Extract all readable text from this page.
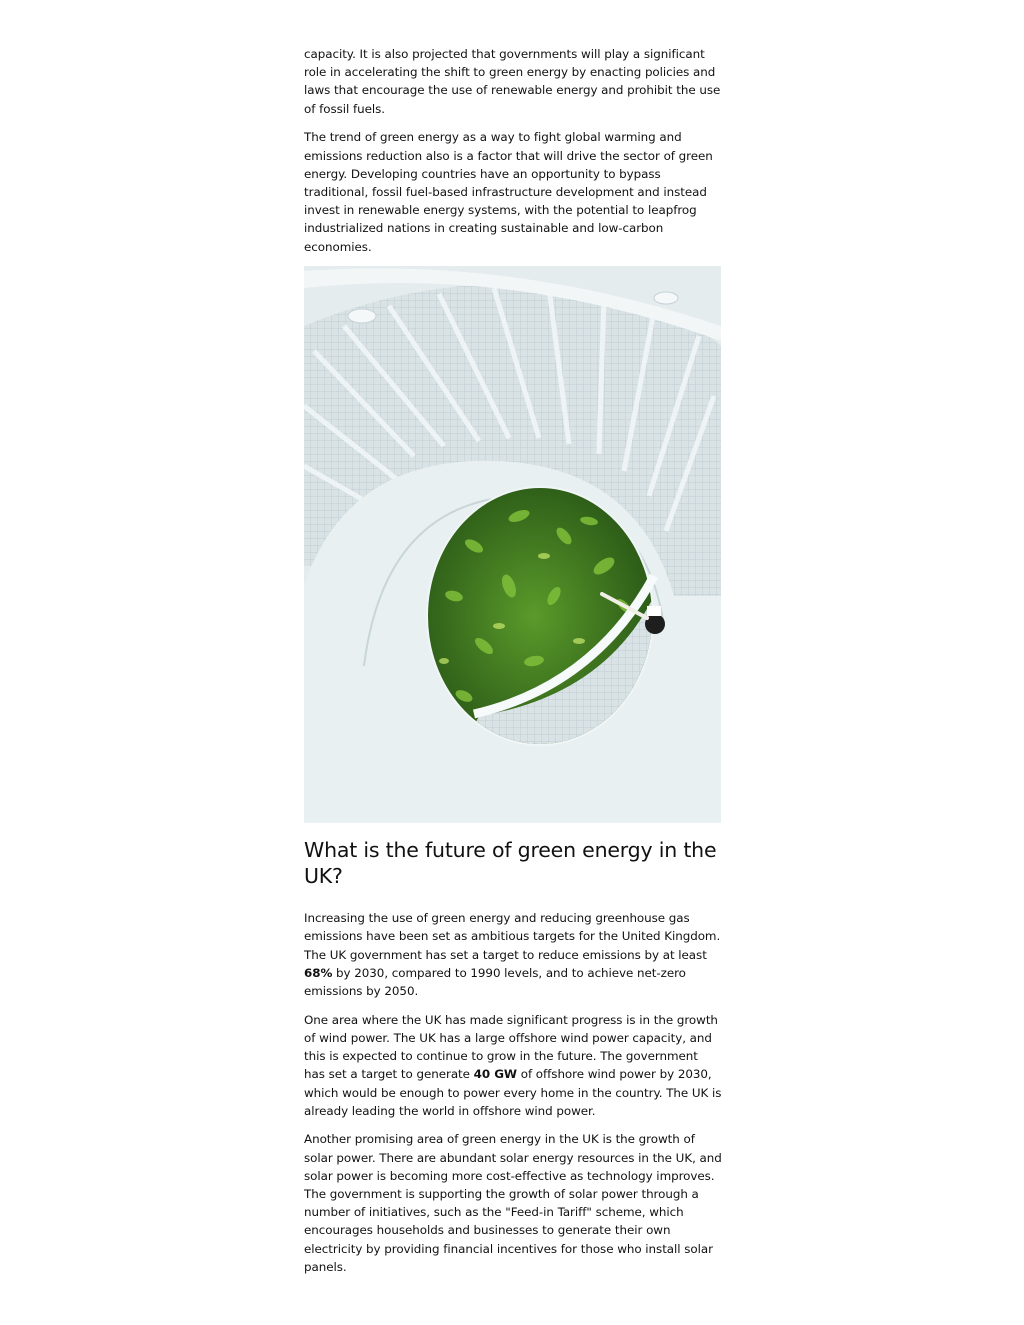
capacity. It is also projected that governments will play a significant role in accelerating the shift to green energy by enacting policies and laws that encourage the use of renewable energy and prohibit the use of fossil fuels.

The trend of green energy as a way to fight global warming and emissions reduction also is a factor that will drive the sector of green energy. Developing countries have an opportunity to bypass traditional, fossil fuel-based infrastructure development and instead invest in renewable energy systems, with the potential to leapfrog industrialized nations in creating sustainable and low-carbon economies.

What is the future of green energy in the UK?

Increasing the use of green energy and reducing greenhouse gas emissions have been set as ambitious targets for the United Kingdom. The UK government has set a target to reduce emissions by at least 68% by 2030, compared to 1990 levels, and to achieve net-zero emissions by 2050.

One area where the UK has made significant progress is in the growth of wind power. The UK has a large offshore wind power capacity, and this is expected to continue to grow in the future. The government has set a target to generate 40 GW of offshore wind power by 2030, which would be enough to power every home in the country. The UK is already leading the world in offshore wind power.

Another promising area of green energy in the UK is the growth of solar power. There are abundant solar energy resources in the UK, and solar power is becoming more cost-effective as technology improves. The government is supporting the growth of solar power through a number of initiatives, such as the "Feed-in Tariff" scheme, which encourages households and businesses to generate their own electricity by providing financial incentives for those who install solar panels.
